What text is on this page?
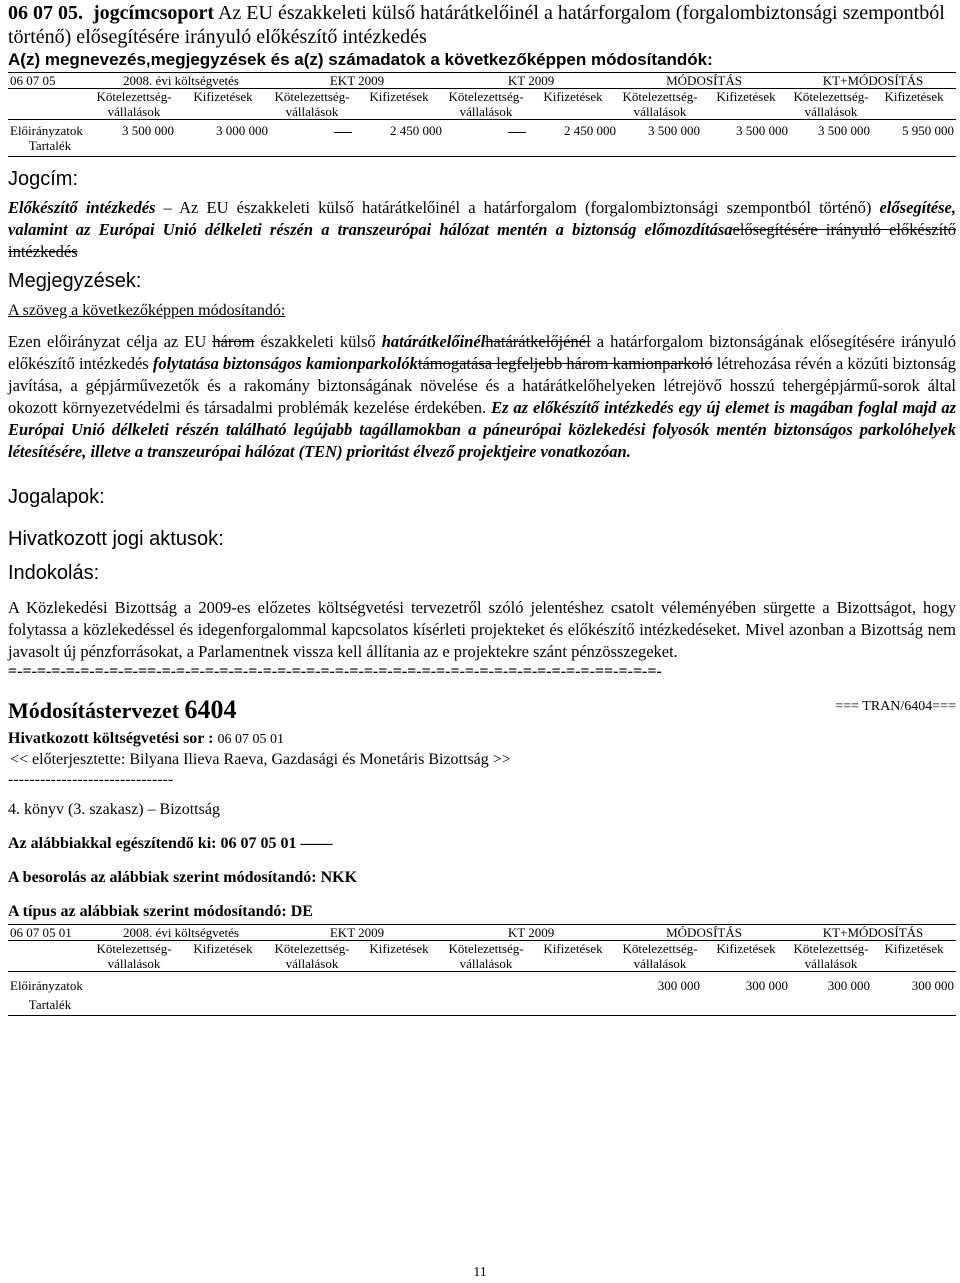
06 07 05. jogcímcsoport Az EU északkeleti külső határátkelőinél a határforgalom (forgalombiztonsági szempontból történő) elősegítésére irányuló előkészítő intézkedés

A(z) megnevezés,megjegyzések és a(z) számadatok a következőképpen módosítandók:

06 07 05	2008. évi költségvetés		EKT 2009		KT 2009		MÓDOSÍTÁS		KT+MÓDOSÍTÁS	
	Kötelezettség-vállalások	Kifizetések	Kötelezettség-vállalások	Kifizetések	Kötelezettség-vállalások	Kifizetések	Kötelezettség-vállalások	Kifizetések	Kötelezettség-vállalások	Kifizetések
Előirányzatok	3 500 000	3 000 000		2 450 000		2 450 000	3 500 000	3 500 000	3 500 000	5 950 000
Tartalék										

Jogcím:

Előkészítő intézkedés – Az EU északkeleti külső határátkelőinél a határforgalom (forgalombiztonsági szempontból történő) elősegítése, valamint az Európai Unió délkeleti részén a transzeurópai hálózat mentén a biztonság előmozdításaelősegítésére irányuló előkészítő intézkedés

Megjegyzések:

A szöveg a következőképpen módosítandó:

Ezen előirányzat célja az EU három északkeleti külső határátkelőinélhatárátkelőjénél a határforgalom biztonságának elősegítésére irányuló előkészítő intézkedés folytatása biztonságos kamionparkolóktámogatása legfeljebb három kamionparkoló létrehozása révén a közúti biztonság javítása, a gépjárművezetők és a rakomány biztonságának növelése és a határátkelőhelyeken létrejövő hosszú tehergépjármű-sorok által okozott környezetvédelmi és társadalmi problémák kezelése érdekében. Ez az előkészítő intézkedés egy új elemet is magában foglal majd az Európai Unió délkeleti részén található legújabb tagállamokban a páneurópai közlekedési folyosók mentén biztonságos parkolóhelyek létesítésére, illetve a transzeurópai hálózat (TEN) prioritást élvező projektjeire vonatkozóan.

Jogalapok:

Hivatkozott jogi aktusok:

Indokolás:

A Közlekedési Bizottság a 2009-es előzetes költségvetési tervezetről szóló jelentéshez csatolt véleményében sürgette a Bizottságot, hogy folytassa a közlekedéssel és idegenforgalommal kapcsolatos kísérleti projekteket és előkészítő intézkedéseket. Mivel azonban a Bizottság nem javasolt új pénzforrásokat, a Parlamentnek vissza kell állítania az e projektekre szánt pénzösszegeket.

=-=-=-=-=-=-=-=-=-==-=-=-=-=-=-=-=-=-=-=-=-=-=-=-=-=-=-=-=-=-=-=-=-=-=-=-=-=-=-=-==-=-=-=-

Módosítástervezet 6404	=== TRAN/6404===

Hivatkozott költségvetési sor : 06 07 05 01

<< előterjesztette: Bilyana Ilieva Raeva, Gazdasági és Monetáris Bizottság >>

-------------------------------

4. könyv (3. szakasz) – Bizottság

Az alábbiakkal egészítendő ki: 06 07 05 01 ——

A besorolás az alábbiak szerint módosítandó: NKK

A típus az alábbiak szerint módosítandó: DE

06 07 05 01	2008. évi költségvetés		EKT 2009		KT 2009		MÓDOSÍTÁS		KT+MÓDOSÍTÁS	
	Kötelezettség-vállalások	Kifizetések	Kötelezettség-vállalások	Kifizetések	Kötelezettség-vállalások	Kifizetések	Kötelezettség-vállalások	Kifizetések	Kötelezettség-vállalások	Kifizetések
Előirányzatok							300 000	300 000	300 000	300 000
Tartalék										
11
